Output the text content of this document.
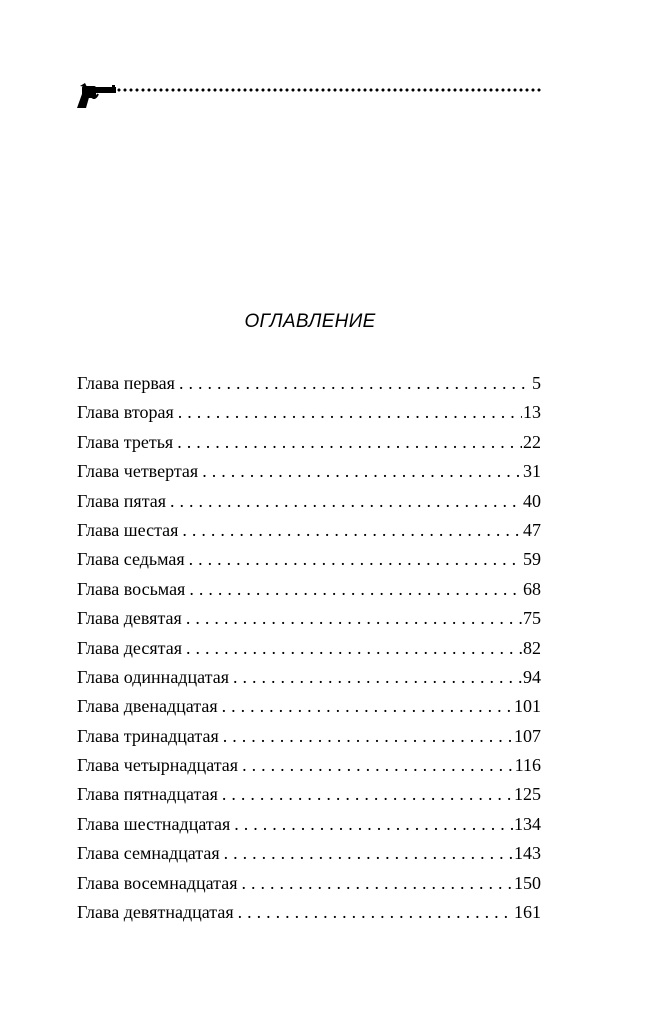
ОГЛАВЛЕНИЕ
Глава первая . . .	5
Глава вторая . . .	13
Глава третья . . .	22
Глава четвертая . . .	31
Глава пятая . . .	40
Глава шестая . . .	47
Глава седьмая . . .	59
Глава восьмая . . .	68
Глава девятая . . .	75
Глава десятая . . .	82
Глава одиннадцатая . . .	94
Глава двенадцатая . . .	101
Глава тринадцатая . . .	107
Глава четырнадцатая . . .	116
Глава пятнадцатая . . .	125
Глава шестнадцатая . . .	134
Глава семнадцатая . . .	143
Глава восемнадцатая . . .	150
Глава девятнадцатая . . .	161
